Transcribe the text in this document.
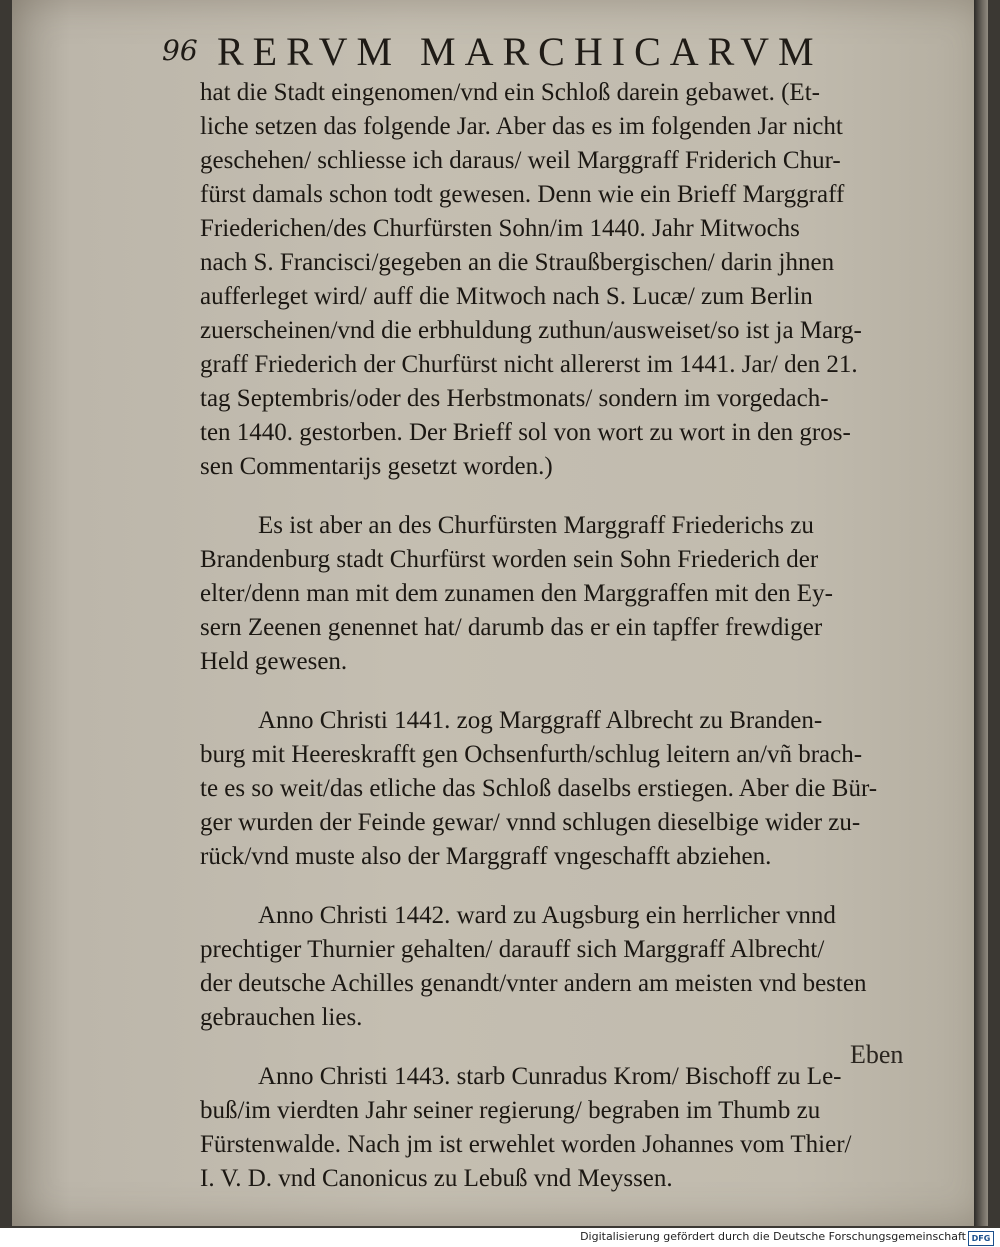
96 RERVM MARCHICARVM
hat die Stadt eingenomen/vnd ein Schloß darein gebawet. (Et-
liche setzen das folgende Jar. Aber das es im folgenden Jar nicht
geschehen/ schliesse ich daraus/ weil Marggraff Friderich Chur-
fürst damals schon todt gewesen. Denn wie ein Brieff Marggraff
Friederichen/des Churfürsten Sohn/im 1440. Jahr Mitwochs
nach S. Francisci/gegeben an die Straußbergischen/ darin jhnen
aufferleget wird/ auff die Mitwoch nach S. Lucæ/ zum Berlin
zuerscheinen/vnd die erbhuldung zuthun/ausweiset/so ist ja Marg-
graff Friederich der Churfürst nicht allererst im 1441. Jar/ den 21.
tag Septembris/oder des Herbstmonats/ sondern im vorgedach-
ten 1440. gestorben. Der Brieff sol von wort zu wort in den gros-
sen Commentarijs gesetzt worden.)
Es ist aber an des Churfürsten Marggraff Friederichs zu
Brandenburg stadt Churfürst worden sein Sohn Friederich der
elter/denn man mit dem zunamen den Marggraffen mit den Ey-
sern Zeenen genennet hat/ darumb das er ein tapffer frewdiger
Held gewesen.
Anno Christi 1441. zog Marggraff Albrecht zu Branden-
burg mit Heereskrafft gen Ochsenfurth/schlug leitern an/vñ brach-
te es so weit/das etliche das Schloß daselbs erstiegen. Aber die Bür-
ger wurden der Feinde gewar/ vnnd schlugen dieselbige wider zu-
rück/vnd muste also der Marggraff vngeschafft abziehen.
Anno Christi 1442. ward zu Augsburg ein herrlicher vnnd
prechtiger Thurnier gehalten/ darauff sich Marggraff Albrecht/
der deutsche Achilles genandt/vnter andern am meisten vnd besten
gebrauchen lies.
Anno Christi 1443. starb Cunradus Krom/ Bischoff zu Le-
buß/im vierdten Jahr seiner regierung/ begraben im Thumb zu
Fürstenwalde. Nach jm ist erwehlet worden Johannes vom Thier/
I. V. D. vnd Canonicus zu Lebuß vnd Meyssen.
Eben
Digitalisierung gefördert durch die Deutsche Forschungsgemeinschaft DFG
